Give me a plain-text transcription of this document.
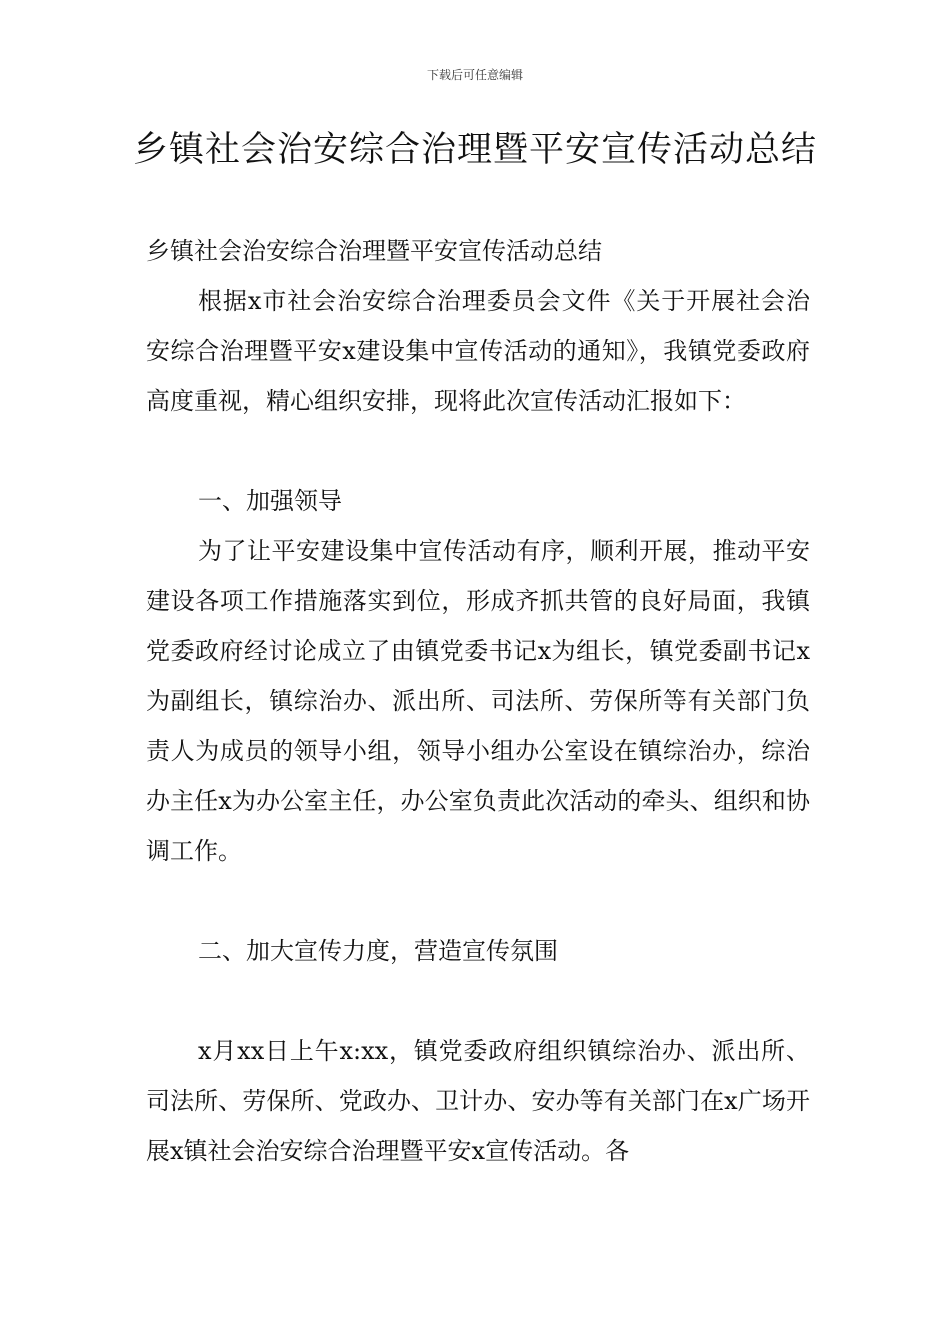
下载后可任意编辑
乡镇社会治安综合治理暨平安宣传活动总结

乡镇社会治安综合治理暨平安宣传活动总结

根据x市社会治安综合治理委员会文件《关于开展社会治安综合治理暨平安x建设集中宣传活动的通知》，我镇党委政府高度重视，精心组织安排，现将此次宣传活动汇报如下：

一、加强领导

为了让平安建设集中宣传活动有序，顺利开展，推动平安建设各项工作措施落实到位，形成齐抓共管的良好局面，我镇党委政府经讨论成立了由镇党委书记x为组长，镇党委副书记x为副组长，镇综治办、派出所、司法所、劳保所等有关部门负责人为成员的领导小组，领导小组办公室设在镇综治办，综治办主任x为办公室主任，办公室负责此次活动的牵头、组织和协调工作。

二、加大宣传力度，营造宣传氛围

x月xx日上午x:xx，镇党委政府组织镇综治办、派出所、司法所、劳保所、党政办、卫计办、安办等有关部门在x广场开展x镇社会治安综合治理暨平安x宣传活动。各
